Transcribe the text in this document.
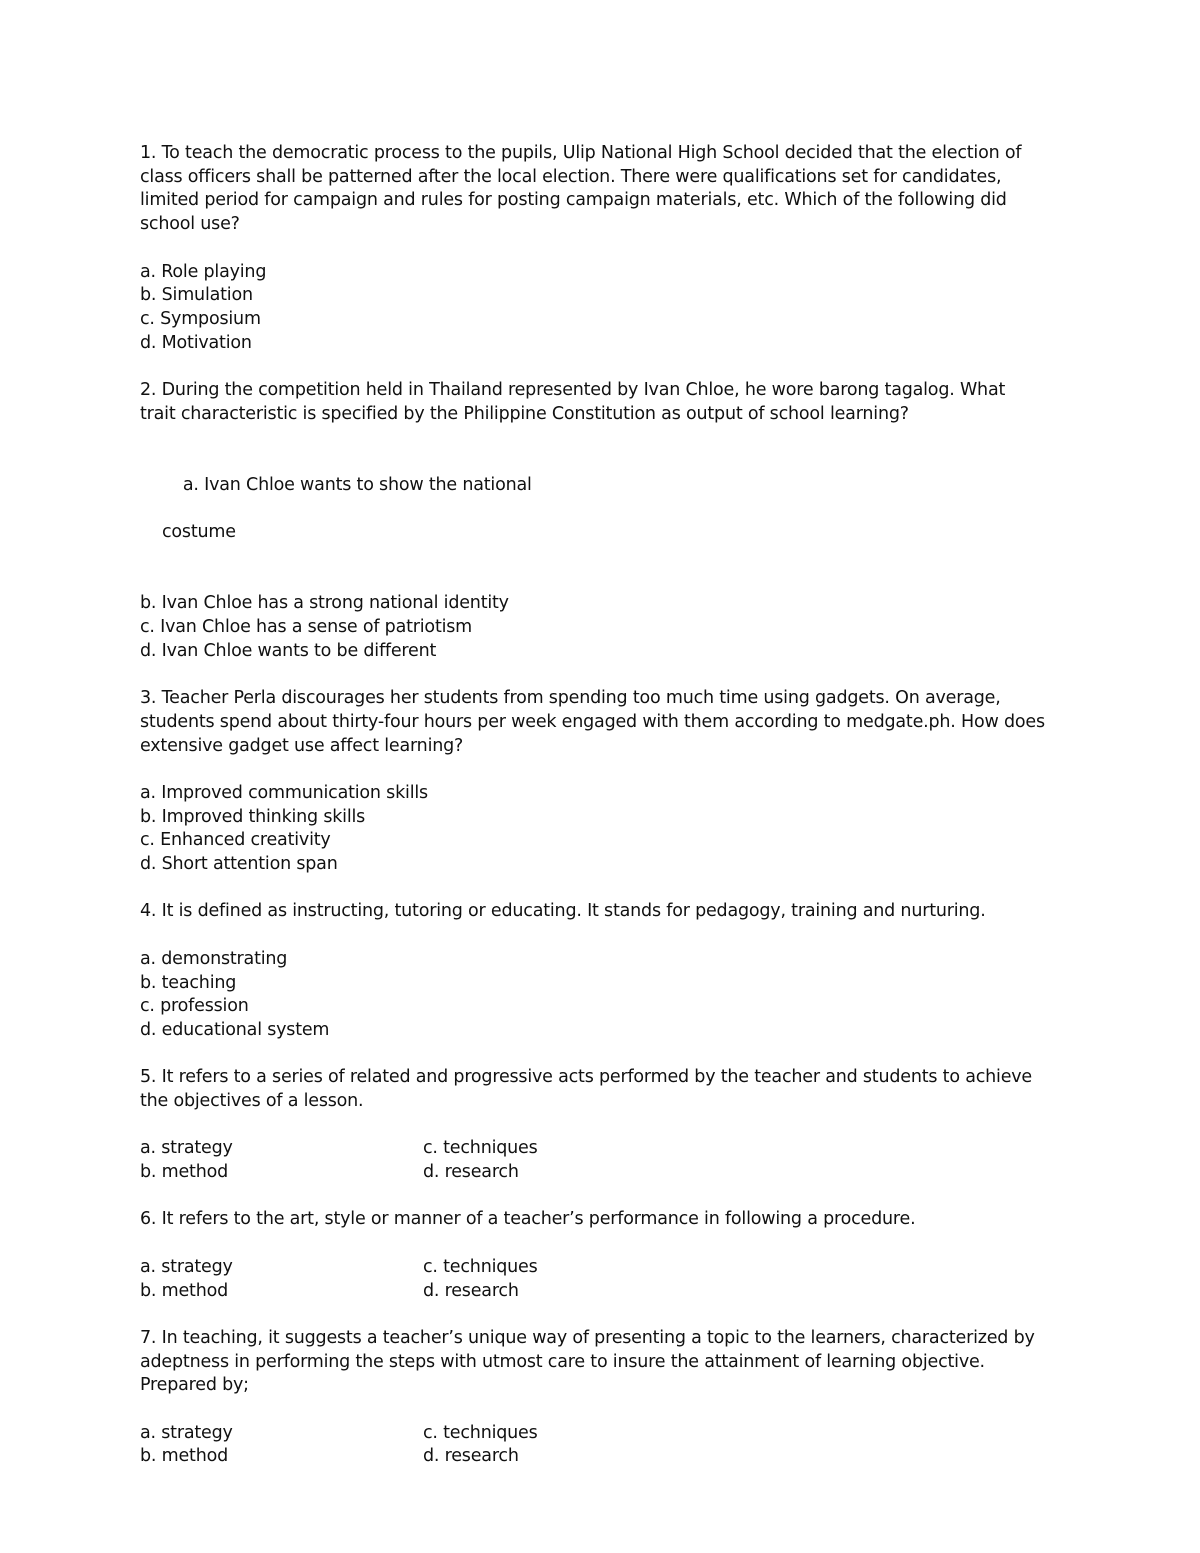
1. To teach the democratic process to the pupils, Ulip National High School decided that the election of
class officers shall be patterned after the local election. There were qualifications set for candidates,
limited period for campaign and rules for posting campaign materials, etc. Which of the following did
school use?
a. Role playing
b. Simulation
c. Symposium
d. Motivation
2. During the competition held in Thailand represented by Ivan Chloe, he wore barong tagalog. What
trait characteristic is specified by the Philippine Constitution as output of school learning?

a. Ivan Chloe wants to show the national

costume

b. Ivan Chloe has a strong national identity
c. Ivan Chloe has a sense of patriotism
d. Ivan Chloe wants to be different
3. Teacher Perla discourages her students from spending too much time using gadgets. On average,
students spend about thirty-four hours per week engaged with them according to medgate.ph. How does
extensive gadget use affect learning?
a. Improved communication skills
b. Improved thinking skills
c. Enhanced creativity
d. Short attention span
4. It is defined as instructing, tutoring or educating. It stands for pedagogy, training and nurturing.
a. demonstrating
b. teaching
c. profession
d. educational system
5. It refers to a series of related and progressive acts performed by the teacher and students to achieve
the objectives of a lesson.
a. strategy	c. techniques
b. method	d. research
6. It refers to the art, style or manner of a teacher’s performance in following a procedure.
a. strategy	c. techniques
b. method	d. research
7. In teaching, it suggests a teacher’s unique way of presenting a topic to the learners, characterized by
adeptness in performing the steps with utmost care to insure the attainment of learning objective.
Prepared by;
a. strategy	c. techniques
b. method	d. research
